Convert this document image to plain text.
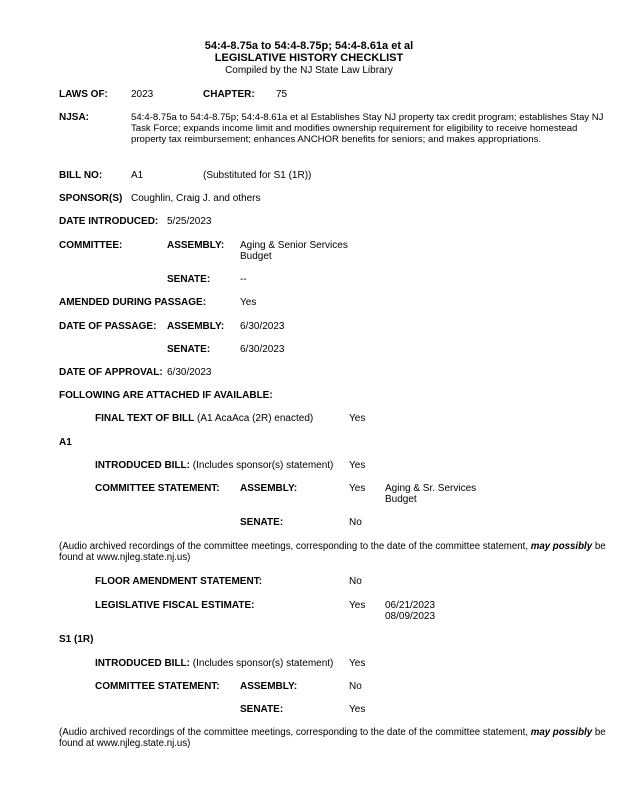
54:4-8.75a to 54:4-8.75p; 54:4-8.61a et al
LEGISLATIVE HISTORY CHECKLIST
Compiled by the NJ State Law Library
LAWS OF: 2023	CHAPTER: 75
NJSA:	54:4-8.75a to 54:4-8.75p; 54:4-8.61a et al Establishes Stay NJ property tax credit program; establishes Stay NJ Task Force; expands income limit and modifies ownership requirement for eligibility to receive homestead property tax reimbursement; enhances ANCHOR benefits for seniors; and makes appropriations.
BILL NO:	A1	(Substituted for S1 (1R))
SPONSOR(S) Coughlin, Craig J. and others
DATE INTRODUCED: 5/25/2023
COMMITTEE:	ASSEMBLY: Aging & Senior Services
Budget
SENATE:	--
AMENDED DURING PASSAGE:	Yes
DATE OF PASSAGE: ASSEMBLY: 6/30/2023
SENATE:	6/30/2023
DATE OF APPROVAL: 6/30/2023
FOLLOWING ARE ATTACHED IF AVAILABLE:
FINAL TEXT OF BILL (A1 AcaAca (2R) enacted)	Yes
A1
INTRODUCED BILL: (Includes sponsor(s) statement) Yes
COMMITTEE STATEMENT: ASSEMBLY:	Yes Aging & Sr. Services
Budget
SENATE:	No
(Audio archived recordings of the committee meetings, corresponding to the date of the committee statement, may possibly be found at www.njleg.state.nj.us)
FLOOR AMENDMENT STATEMENT:	No
LEGISLATIVE FISCAL ESTIMATE:	Yes 06/21/2023
08/09/2023
S1 (1R)
INTRODUCED BILL: (Includes sponsor(s) statement) Yes
COMMITTEE STATEMENT: ASSEMBLY:	No
SENATE:	Yes
(Audio archived recordings of the committee meetings, corresponding to the date of the committee statement, may possibly be found at www.njleg.state.nj.us)
